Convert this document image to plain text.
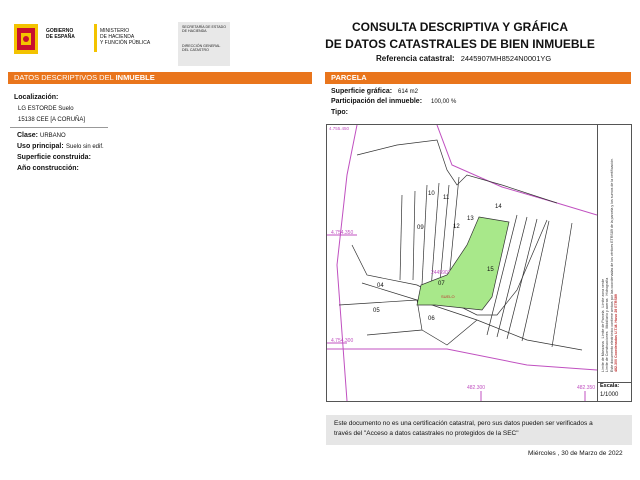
GOBIERNO
DE ESPAÑA
MINISTERIO
DE HACIENDA
Y FUNCIÓN PÚBLICA
SECRETARÍA DE ESTADO DE HACIENDA
DIRECCIÓN GENERAL DEL CATASTRO
CONSULTA DESCRIPTIVA Y GRÁFICA
DE DATOS CATASTRALES DE BIEN INMUEBLE
Referencia catastral: 2445907MH8524N0001YG
DATOS DESCRIPTIVOS DEL INMUEBLE	PARCELA
Localización:
LG ESTORDE Suelo
15138 CEE [A CORUÑA]
Clase: URBANO
Uso principal: Suelo sin edif.
Superficie construida:
Año construcción:
Superficie gráfica: 614 m2
Participación del inmueble: 100,00 %
Tipo:
4.755.450
4.754.350
4.754.300
482.300	482.350
10
11
09	12
13
14
15
04	07
05
06
2445907
SUELO
Límite de Manzana   Límite de Parcela   Límite zona verde
Límite de Construcciones   Mobiliario y aceras   Hidrografía Este documento electrónico contiene ambos por las coordenadas de los vértices ETRS89 de la parcela y los sumos de la certificación. 482.300 Coordenadas U.T.M. Huso 29 ETRS89
Escala:
1/1000
Este documento no es una certificación catastral, pero sus datos pueden ser verificados a
través del "Acceso a datos catastrales no protegidos de la SEC"
Miércoles , 30 de Marzo de 2022
